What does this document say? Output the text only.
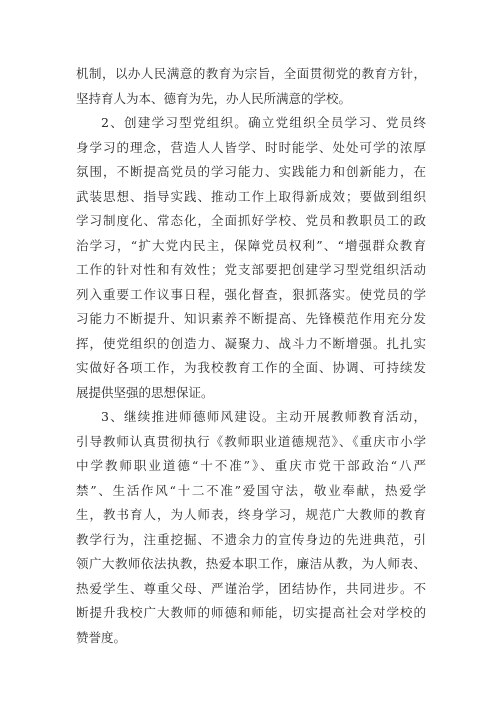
机制，以办人民满意的教育为宗旨，全面贯彻党的教育方针，
坚持育人为本、德育为先，办人民所满意的学校。
2、创建学习型党组织。确立党组织全员学习、党员终
身学习的理念，营造人人皆学、时时能学、处处可学的浓厚
氛围，不断提高党员的学习能力、实践能力和创新能力，在
武装思想、指导实践、推动工作上取得新成效；要做到组织
学习制度化、常态化，全面抓好学校、党员和教职员工的政
治学习，“扩大党内民主，保障党员权利”、“增强群众教育
工作的针对性和有效性；党支部要把创建学习型党组织活动
列入重要工作议事日程，强化督查，狠抓落实。使党员的学
习能力不断提升、知识素养不断提高、先锋模范作用充分发
挥，使党组织的创造力、凝聚力、战斗力不断增强。扎扎实
实做好各项工作，为我校教育工作的全面、协调、可持续发
展提供坚强的思想保证。
3、继续推进师德师风建设。主动开展教师教育活动，
引导教师认真贯彻执行《教师职业道德规范》、《重庆市小学
中学教师职业道德“十不准”》、重庆市党干部政治“八严
禁”、生活作风“十二不准”爱国守法，敬业奉献，热爱学
生，教书育人，为人师表，终身学习，规范广大教师的教育
教学行为，注重挖掘、不遗余力的宣传身边的先进典范，引
领广大教师依法执教，热爱本职工作，廉洁从教，为人师表、
热爱学生、尊重父母、严谨治学，团结协作，共同进步。不
断提升我校广大教师的师德和师能，切实提高社会对学校的
赞誉度。
